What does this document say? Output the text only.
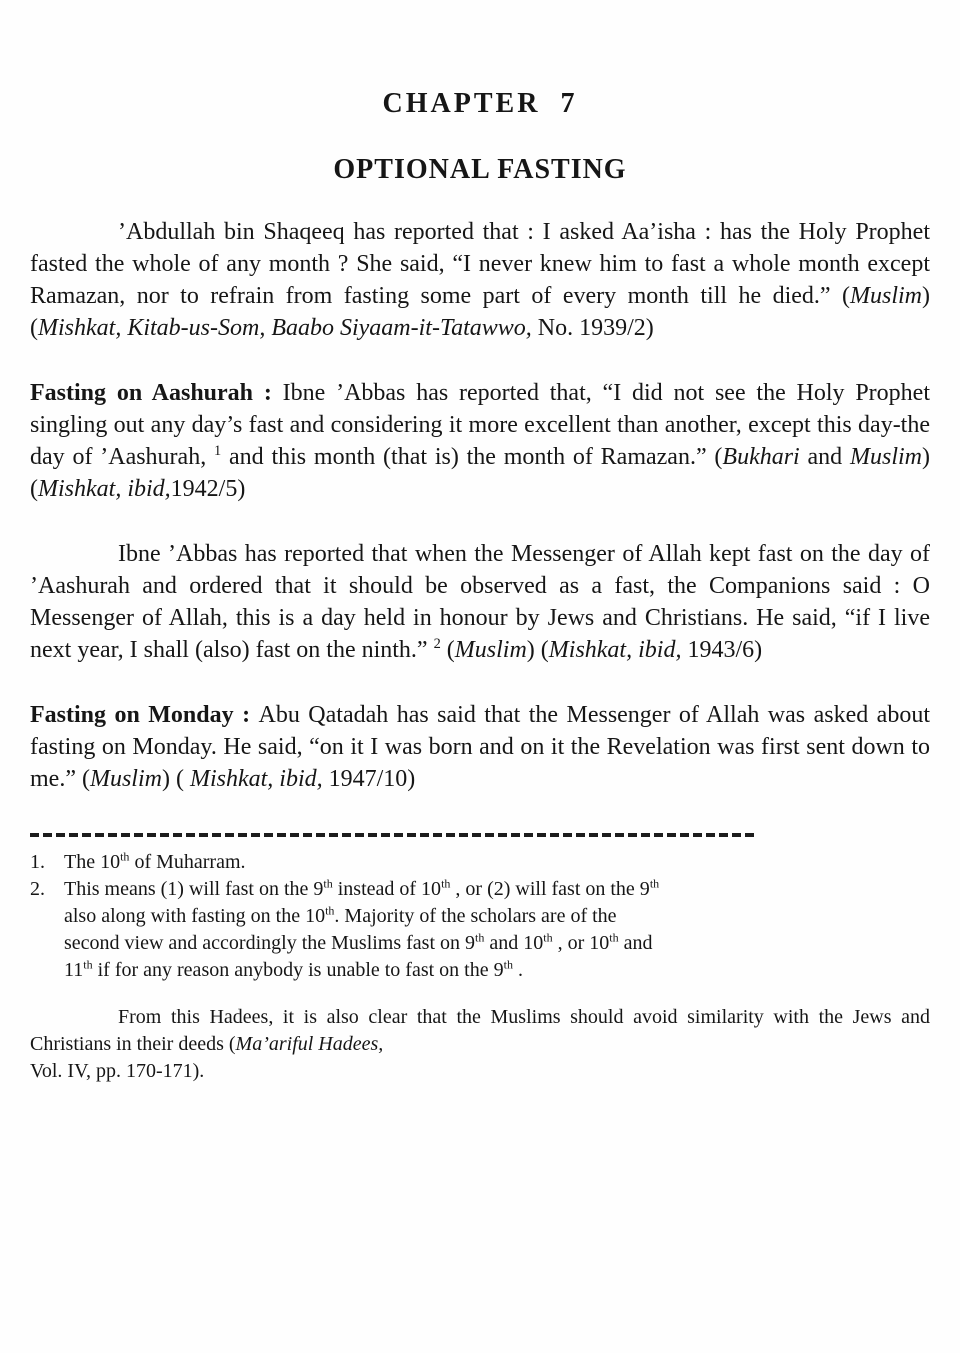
CHAPTER 7
OPTIONAL FASTING

’Abdullah bin Shaqeeq has reported that : I asked Aa’isha : has the Holy Prophet fasted the whole of any month ? She said, “I never knew him to fast a whole month except Ramazan, nor to refrain from fasting some part of every month till he died.” (Muslim) (Mishkat, Kitab-us-Som, Baabo Siyaam-it-Tatawwo, No. 1939/2)

Fasting on Aashurah : Ibne ’Abbas has reported that, “I did not see the Holy Prophet singling out any day’s fast and considering it more excellent than another, except this day-the day of ’Aashurah, $^1$ and this month (that is) the month of Ramazan.” (Bukhari and Muslim) (Mishkat, ibid,1942/5)

Ibne ’Abbas has reported that when the Messenger of Allah kept fast on the day of ’Aashurah and ordered that it should be observed as a fast, the Companions said : O Messenger of Allah, this is a day held in honour by Jews and Christians. He said, “if I live next year, I shall (also) fast on the ninth.” $^2$ (Muslim) (Mishkat, ibid, 1943/6)

Fasting on Monday : Abu Qatadah has said that the Messenger of Allah was asked about fasting on Monday. He said, “on it I was born and on it the Revelation was first sent down to me.” (Muslim) ( Mishkat, ibid, 1947/10)

1. The 10th of Muharram.
2. This means (1) will fast on the 9th instead of 10th , or (2) will fast on the 9th
also along with fasting on the 10th. Majority of the scholars are of the
second view and accordingly the Muslims fast on 9th and 10th , or 10th and
11th if for any reason anybody is unable to fast on the 9th .

From this Hadees, it is also clear that the Muslims should avoid similarity with the Jews and Christians in their deeds (Ma’ariful Hadees,
Vol. IV, pp. 170-171).
